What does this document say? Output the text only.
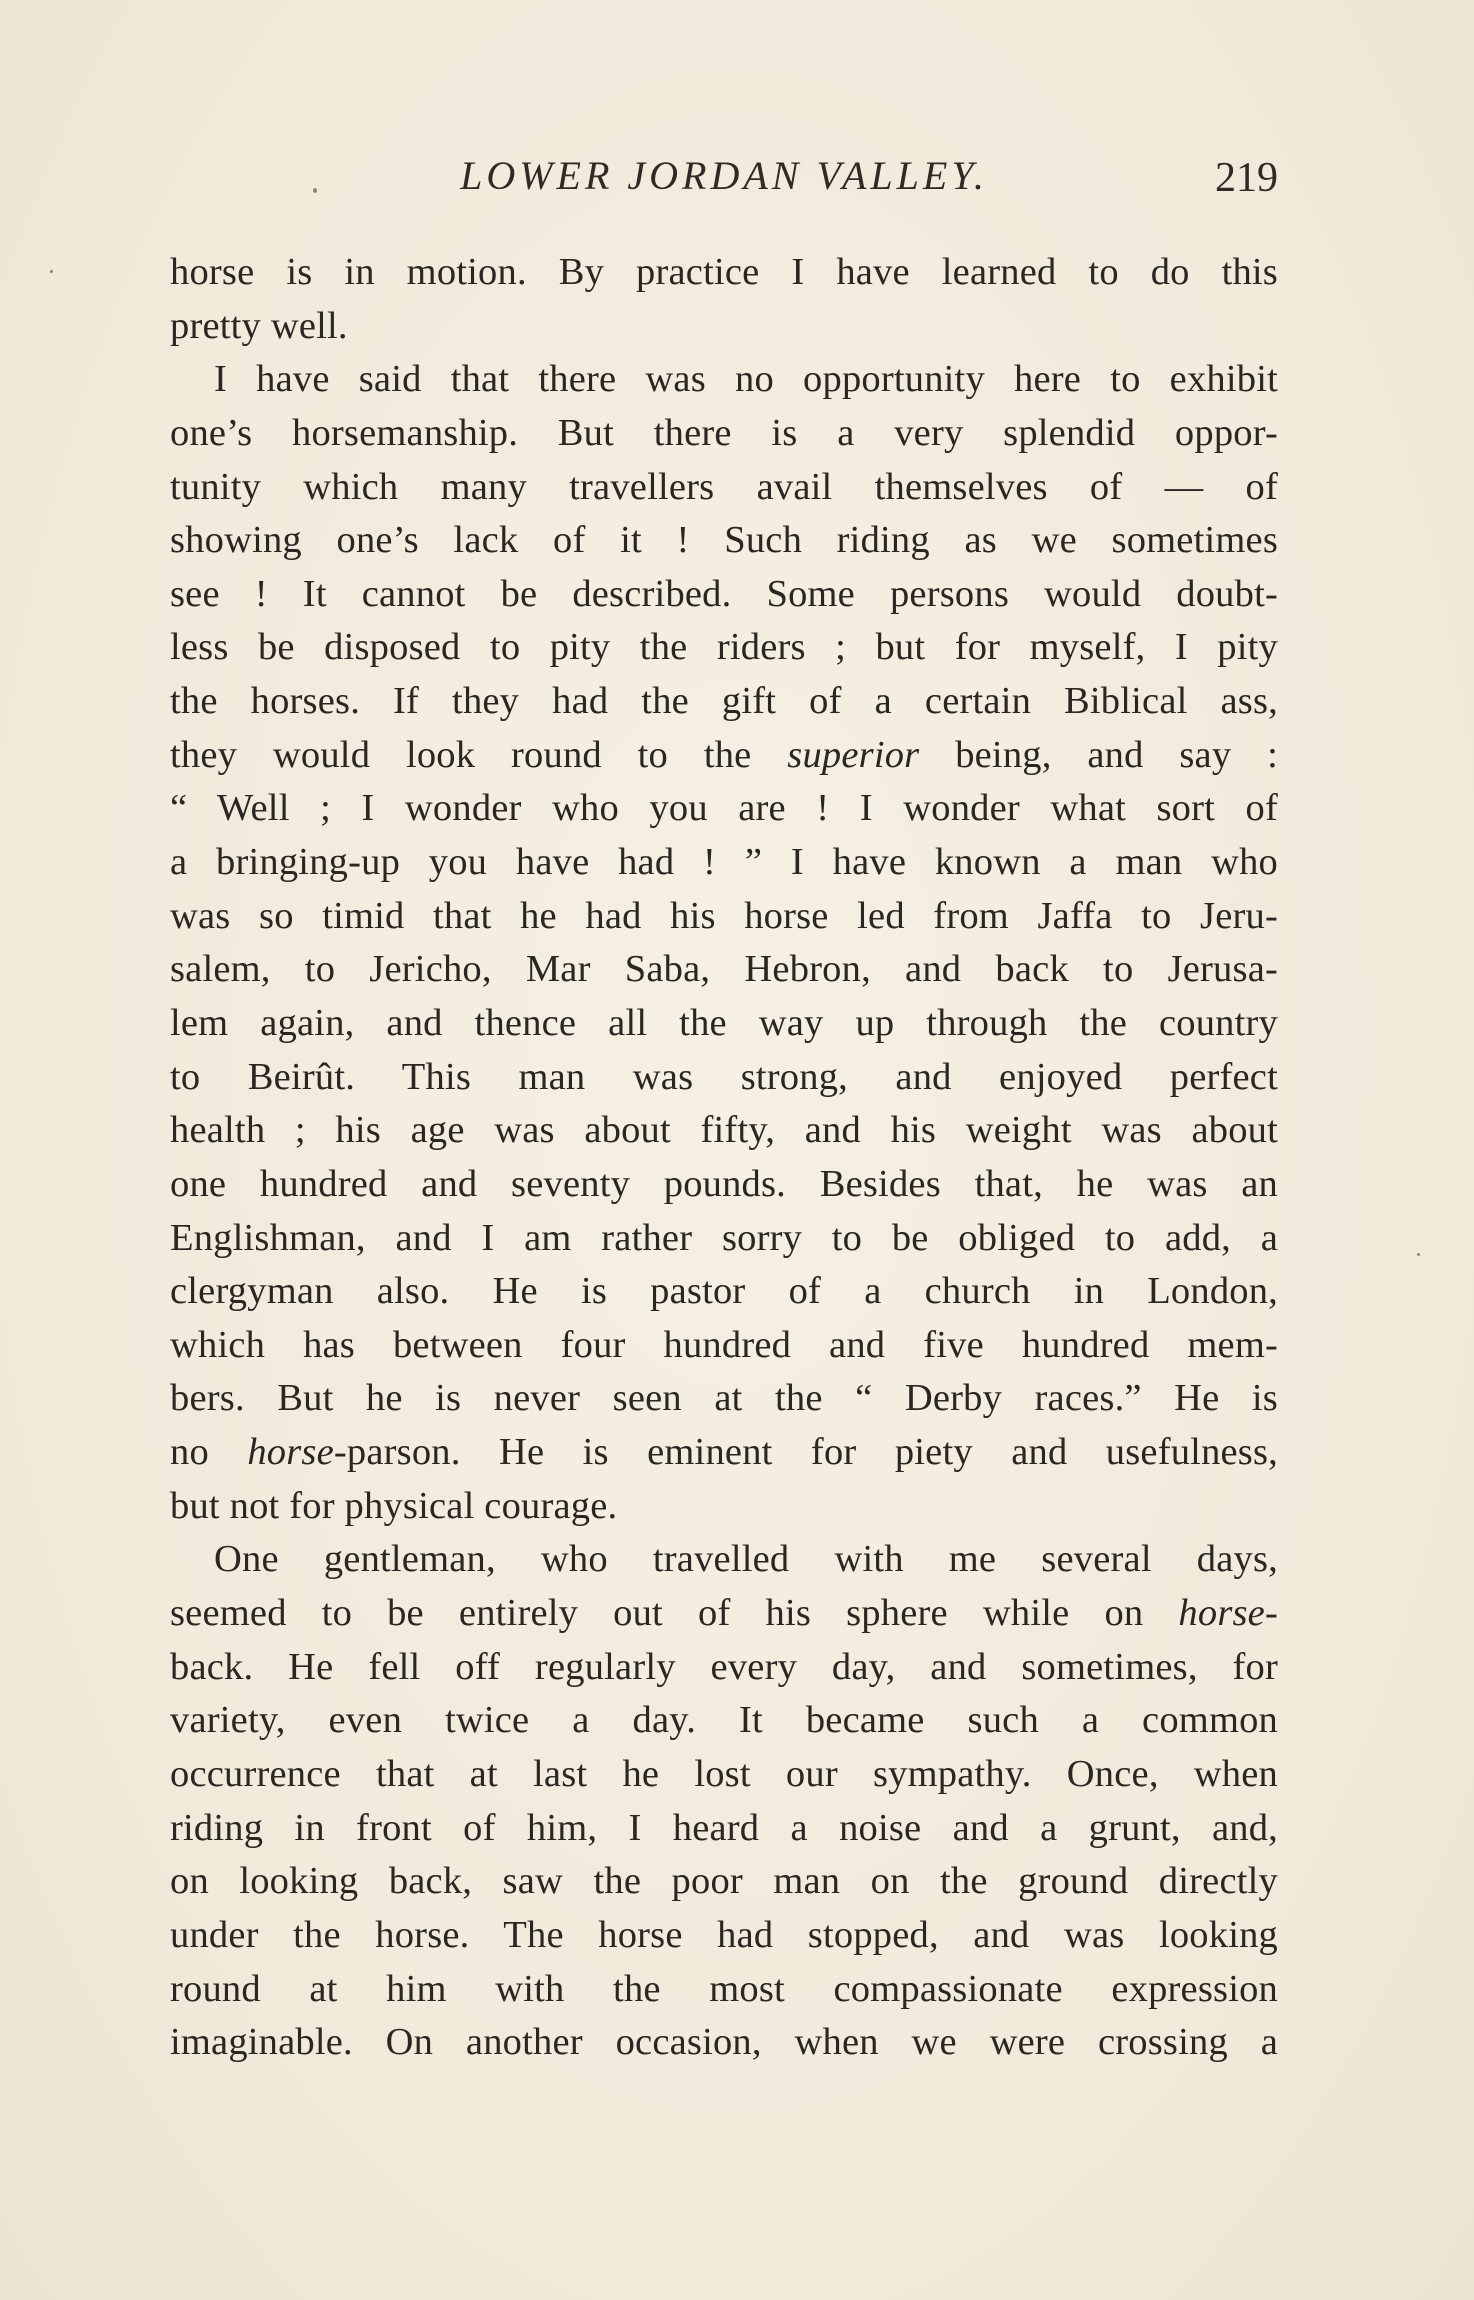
LOWER JORDAN VALLEY.	219
horse is in motion. By practice I have learned to do this
pretty well.
I have said that there was no opportunity here to exhibit
one’s horsemanship. But there is a very splendid oppor-
tunity which many travellers avail themselves of — of
showing one’s lack of it ! Such riding as we sometimes
see ! It cannot be described. Some persons would doubt-
less be disposed to pity the riders ; but for myself, I pity
the horses. If they had the gift of a certain Biblical ass,
they would look round to the superior being, and say :
“ Well ; I wonder who you are ! I wonder what sort of
a bringing-up you have had ! ” I have known a man who
was so timid that he had his horse led from Jaffa to Jeru-
salem, to Jericho, Mar Saba, Hebron, and back to Jerusa-
lem again, and thence all the way up through the country
to Beirût. This man was strong, and enjoyed perfect
health ; his age was about fifty, and his weight was about
one hundred and seventy pounds. Besides that, he was an
Englishman, and I am rather sorry to be obliged to add, a
clergyman also. He is pastor of a church in London,
which has between four hundred and five hundred mem-
bers. But he is never seen at the “ Derby races.” He is
no horse-parson. He is eminent for piety and usefulness,
but not for physical courage.
One gentleman, who travelled with me several days,
seemed to be entirely out of his sphere while on horse-
back. He fell off regularly every day, and sometimes, for
variety, even twice a day. It became such a common
occurrence that at last he lost our sympathy. Once, when
riding in front of him, I heard a noise and a grunt, and,
on looking back, saw the poor man on the ground directly
under the horse. The horse had stopped, and was looking
round at him with the most compassionate expression
imaginable. On another occasion, when we were crossing a
